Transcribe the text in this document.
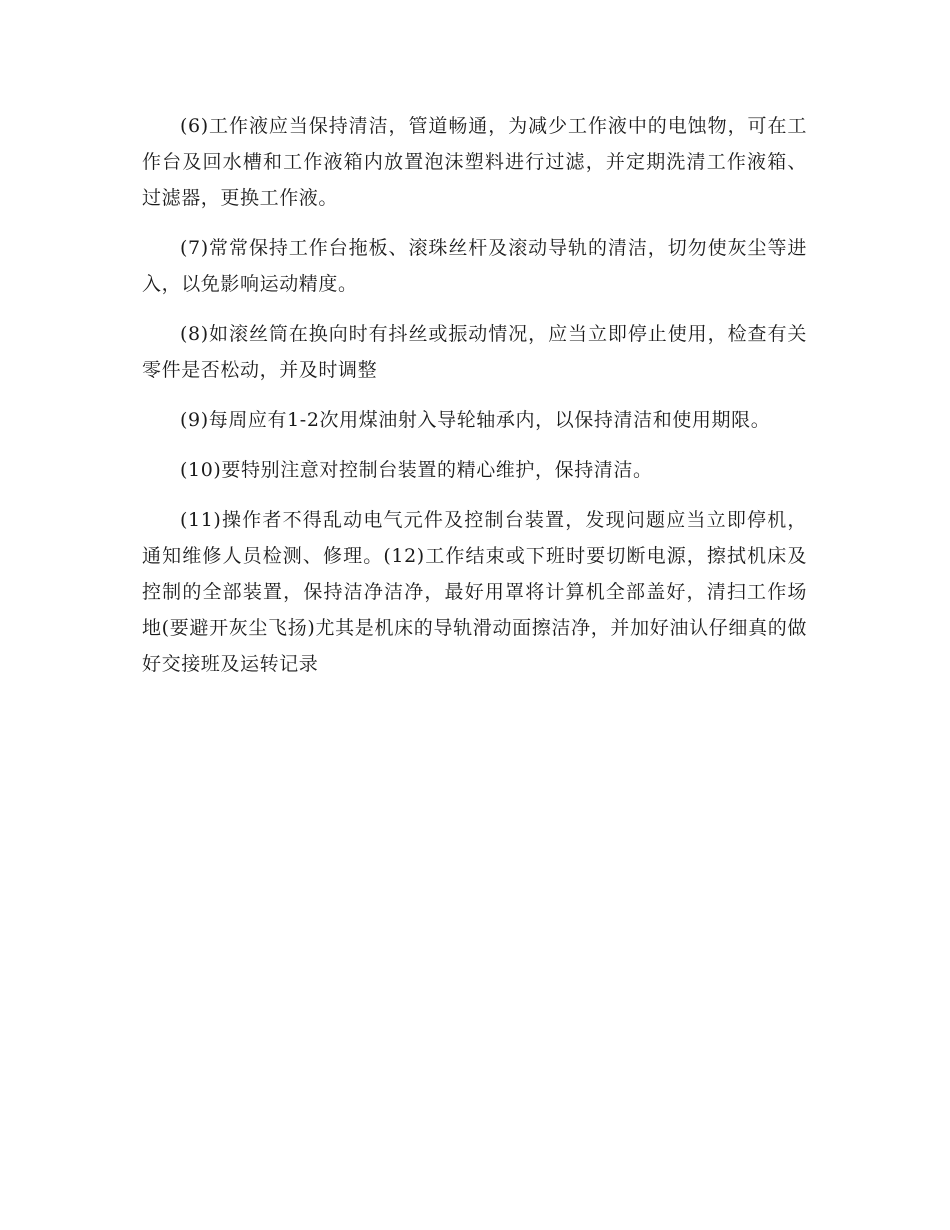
(6)工作液应当保持清洁，管道畅通，为减少工作液中的电蚀物，可在工作台及回水槽和工作液箱内放置泡沫塑料进行过滤，并定期洗清工作液箱、过滤器，更换工作液。

(7)常常保持工作台拖板、滚珠丝杆及滚动导轨的清洁，切勿使灰尘等进入，以免影响运动精度。

(8)如滚丝筒在换向时有抖丝或振动情况，应当立即停止使用，检查有关零件是否松动，并及时调整

(9)每周应有1-2次用煤油射入导轮轴承内，以保持清洁和使用期限。

(10)要特别注意对控制台装置的精心维护，保持清洁。

(11)操作者不得乱动电气元件及控制台装置，发现问题应当立即停机，通知维修人员检测、修理。(12)工作结束或下班时要切断电源，擦拭机床及控制的全部装置，保持洁净洁净，最好用罩将计算机全部盖好，清扫工作场地(要避开灰尘飞扬)尤其是机床的导轨滑动面擦洁净，并加好油认仔细真的做好交接班及运转记录
